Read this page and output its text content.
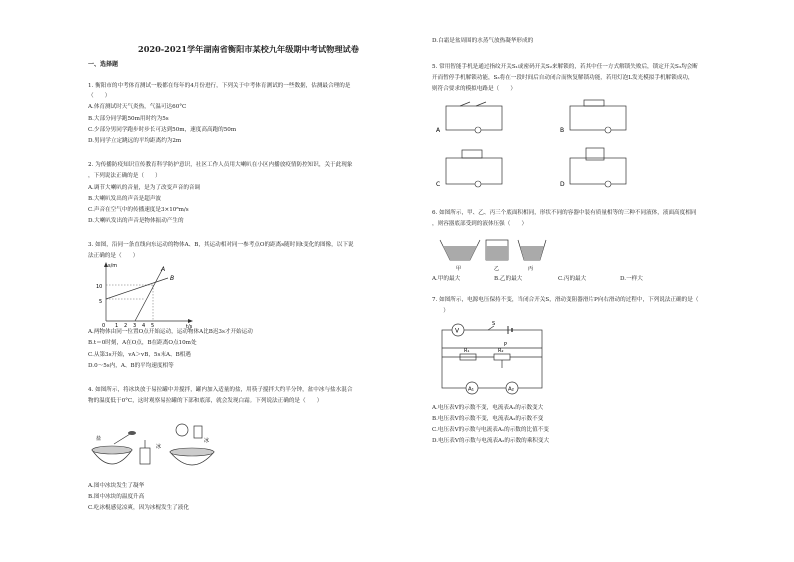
2020-2021学年湖南省衡阳市某校九年级期中考试物理试卷
一、选择题
1. 衡阳市的中考体育测试一般都在每年的4月份进行，下列关于中考体育测试的一些数据，估测最合理的是
（　　）
A.体育测试时天气炎热，气温可达60°C
B.大部分同学跑50m用时约为5s
C.少部分男同学跑步时步长可达到50m，速度高高跑的50m
D.男同学立定跳远的平均距离约为2m
2. 为传播防疫知识宣传教育科学防护意识，社区工作人员用大喇叭在小区内播放疫情防控知识，关于此现象
，下列说法正确的是（　　）
A.调节大喇叭的音量，是为了改变声音的音调
B.大喇叭发出的声音是超声波
C.声音在空气中的传播速度是3×10⁸m/s
D.大喇叭发出的声音是物体振动产生的
3. 如图，沿同一条直线向东运动的物体A、B，其运动相对同一参考点O的距离s随时间t变化的图像，以下说
法正确的是（　　）
s/m
t/s
10
5
0 1 2 3 4 5
A
B
A.两物体由同一位置O点开始运动，运动物体A比B迟3s才开始运动
B.t＝0时刻，A在O点，B在距离O点10m处
C.从第3s开始，vA＞vB，5s末A、B相遇
D.0～5s内，A、B的平均速度相等
4. 如图所示，将冰块放于易拉罐中并搅拌，罐内加入适量的盐，用筷子搅拌大约半分钟，盆中冰与盐水混合
物的温度低于0°C，这时观察易拉罐的下部和底部，就会发现白霜。下列说法正确的是（　　）
盐
冰
冰
A.图中冰块发生了凝华
B.图中冰块的温度升高
C.吃冰棍感觉凉爽，因为冰棍发生了液化
D.白霜是盆周围的水蒸气放热凝华形成的
5. 常用智能手机是通过指纹开关S₁或密码开关S₂来解锁的，若其中任一方式解锁失败后，锁定开关S₃均会断
开而暂停手机解锁功能，S₃将在一段时间后自动闭合而恢复解锁功能，若用灯泡L发光模拟手机解锁成功，
则符合要求的模拟电路是（　　）
A	B
C	D
6. 如图所示，甲、乙、丙三个底面积相同，形状不同的容器中装有质量相等的三种不同液体，液面高度相同
，则容器底部受到的液体压强（　　）
甲	乙	丙
A.甲的最大	B.乙的最大	C.丙的最大	D.一样大
7. 如图所示，电源电压保持不变，当闭合开关S，滑动变阻器滑片P向右滑动的过程中，下列说法正确的是（
　　）
V
S
R₁	R₂
P
A₁	A₂
A.电压表V的示数不变，电流表A₁的示数变大
B.电压表V的示数不变，电流表A₂的示数不变
C.电压表V的示数与电流表A₁的示数的比值不变
D.电压表V的示数与电流表A₂的示数的乘积变大
